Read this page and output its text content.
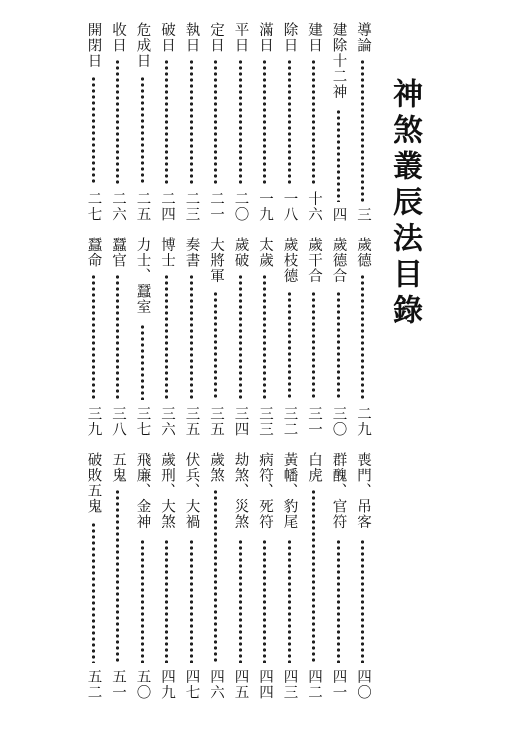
神煞叢辰法目錄
導論
三
建除十二神
四
建日
十六
除日
一八
滿日
一九
平日
二〇
定日
二一
執日
二三
破日
二四
危成日
二五
收日
二六
開閉日
二七
歲德
二九
歲德合
三〇
歲干合
三一
歲枝德
三二
太歲
三三
歲破
三四
大將軍
三五
奏書
三五
博士
三六
力士、蠶室
三七
蠶官
三八
蠶命
三九
喪門、吊客
四〇
群醜、官符
四一
白虎
四二
黃幡、豹尾
四三
病符、死符
四四
劫煞、災煞
四五
歲煞
四六
伏兵、大禍
四七
歲刑、大煞
四九
飛廉、金神
五〇
五鬼
五一
破敗五鬼
五二
